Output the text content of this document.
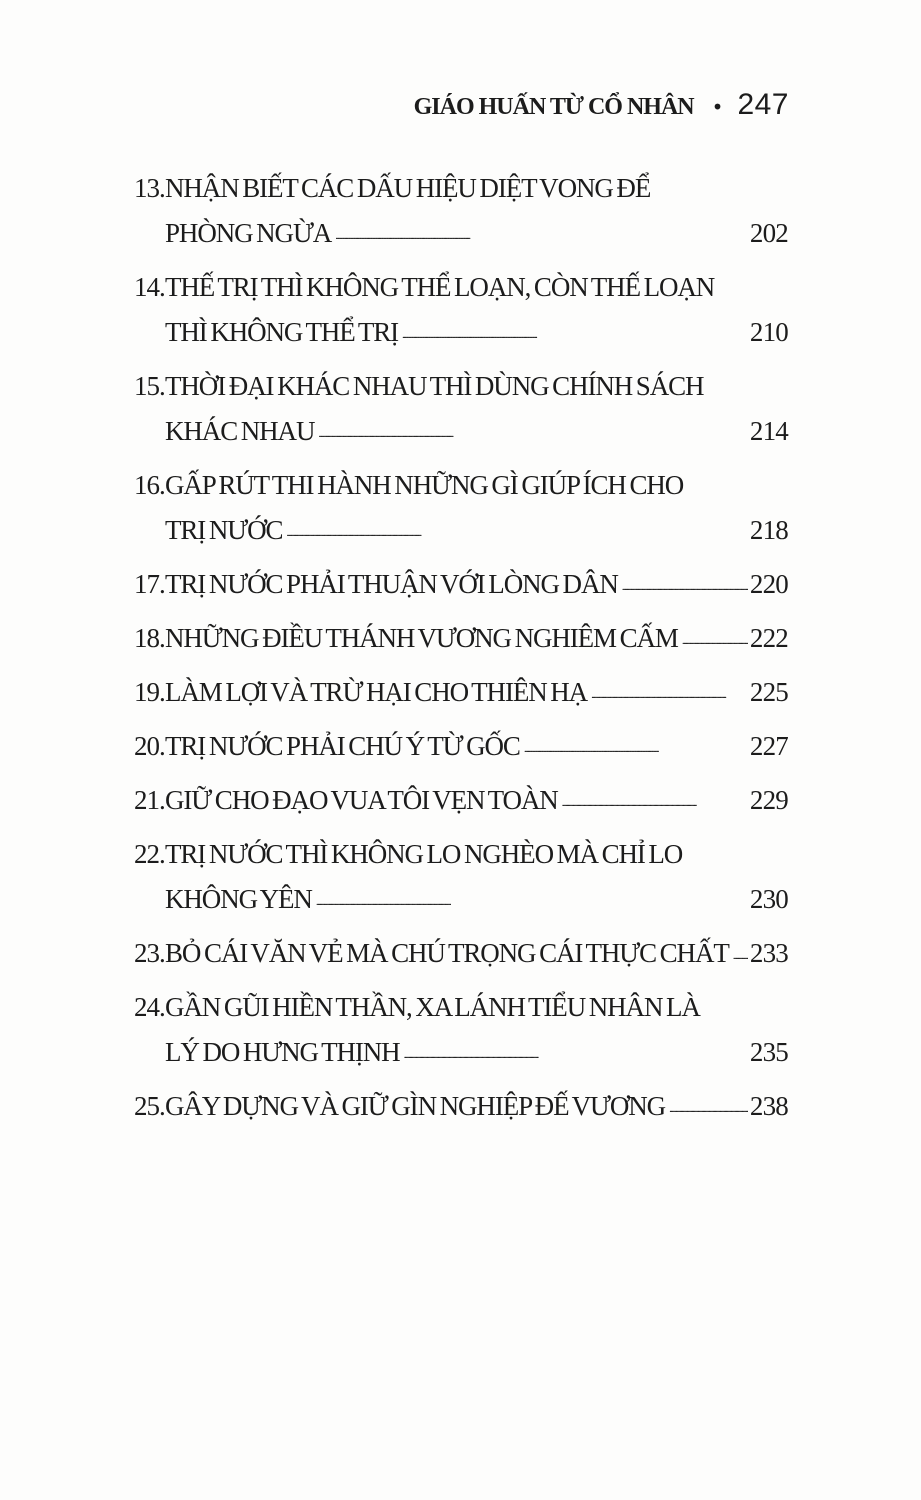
GIÁO HUẤN TỪ CỔ NHÂN • 247
13. NHẬN BIẾT CÁC DẤU HIỆU DIỆT VONG ĐỂ
PHÒNG NGỪA . . .	202
14. THẾ TRỊ THÌ KHÔNG THỂ LOẠN, CÒN THẾ LOẠN
THÌ KHÔNG THỂ TRỊ . . .	210
15. THỜI ĐẠI KHÁC NHAU THÌ DÙNG CHÍNH SÁCH
KHÁC NHAU . . .	214
16. GẤP RÚT THI HÀNH NHỮNG GÌ GIÚP ÍCH CHO
TRỊ NƯỚC . . .	218
17. TRỊ NƯỚC PHẢI THUẬN VỚI LÒNG DÂN . . .	220
18. NHỮNG ĐIỀU THÁNH VƯƠNG NGHIÊM CẤM . . .	222
19. LÀM LỢI VÀ TRỪ HẠI CHO THIÊN HẠ . . .	225
20. TRỊ NƯỚC PHẢI CHÚ Ý TỪ GỐC . . .	227
21. GIỮ CHO ĐẠO VUA TÔI VẸN TOÀN . . .	229
22. TRỊ NƯỚC THÌ KHÔNG LO NGHÈO MÀ CHỈ LO
KHÔNG YÊN . . .	230
23. BỎ CÁI VĂN VẺ MÀ CHÚ TRỌNG CÁI THỰC CHẤT . . . 233
24. GẦN GŨI HIỀN THẦN, XA LÁNH TIỂU NHÂN LÀ
LÝ DO HƯNG THỊNH . . .	235
25. GÂY DỰNG VÀ GIỮ GÌN NGHIỆP ĐẾ VƯƠNG . . .	238
